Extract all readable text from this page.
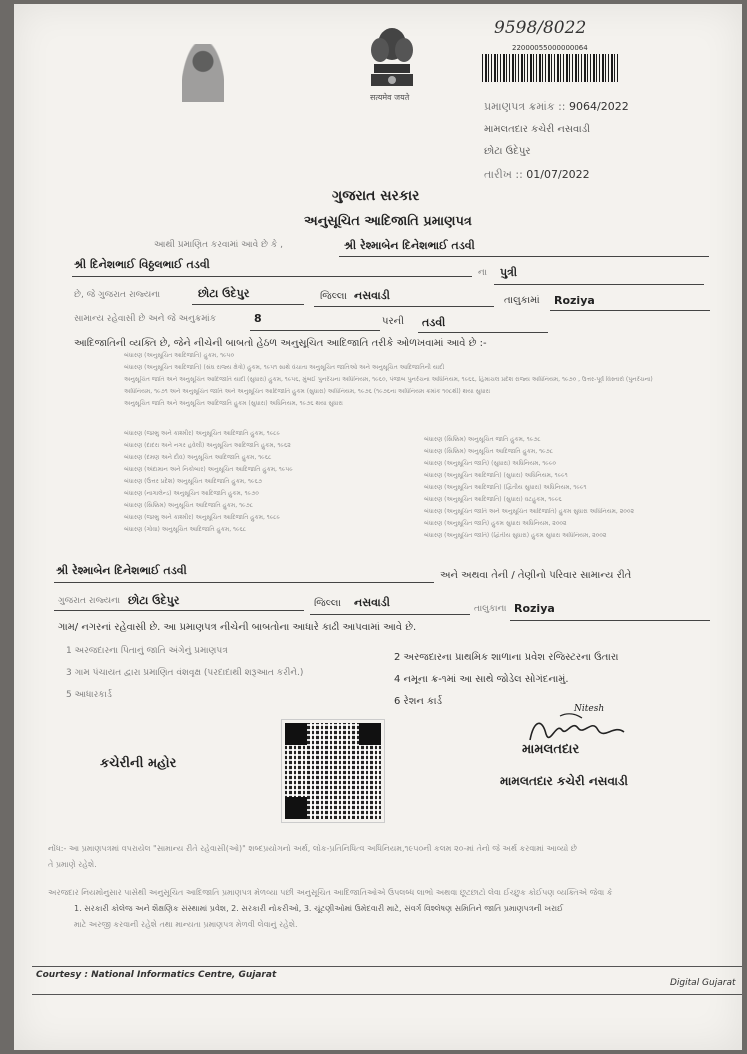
सत्यमेव जयते
9598/8022
22000055000000064
પ્રમાણપત્ર ક્રમાંક :: 9064/2022
મામલતદાર કચેરી નસવાડી
છોટા ઉદેપુર
તારીખ :: 01/07/2022
ગુજરાત સરકાર
અનુસૂચિત આદિજાતિ પ્રમાણપત્ર
આથી પ્રમાણિત કરવામાં આવે છે કે ,	શ્રી રેશ્માબેન દિનેશભાઈ તડવી
શ્રી દિનેશભાઈ વિઠ્ઠલભાઈ તડવી
ના પુત્રી
છે, જે ગુજરાત રાજ્યના	છોટા ઉદેપુર	જિલ્લા નસવાડી	તાલુકામાં Roziya
સામાન્ય રહેવાસી છે અને જે અનુક્રમાંક	8	પરની તડવી
આદિજાતિની વ્યક્તિ છે, જેને નીચેની બાબતો હેઠળ અનુસૂચિત આદિજાતિ તરીકે ઓળખવામાં આવે છે :-
બંધારણ (અનુસૂચિત આદિજાતિ) હુકમ, ૧૯૫૦
બંધારણ (અનુસૂચિત આદિજાતિ) (સંઘ રાજ્ય ક્ષેત્રો) હુકમ, ૧૯૫૧ સાથે વંચાતા અનુસૂચિત જાતિઓ અને અનુસૂચિત આદિજાતિની યાદી
અનુસૂચિત જાતિ અને અનુસૂચિત આદિજાતિ યાદી (સુધારા) હુકમ, ૧૯૫૬, મુંબઈ પુનર્રચના અધિનિયમ, ૧૯૬૦, પંજાબ પુનર્રચના અધિનિયમ, ૧૯૬૬, હિમાચલ પ્રદેશ રાજ્ય અધિનિયમ, ૧૯૭૦ , ઉત્તર-પૂર્વ વિસ્તારો (પુનર્રચના)
અધિનિયમ, ૧૯૭૧ અને અનુસૂચિત જાતિ અને અનુસૂચિત આદિજાતિ હુકમ (સુધારા) અધિનિયમ, ૧૯૭૬ (૧૯૭૬ના અધિનિયમ ક્રમાંક ૧૦૮થી) થયા સુધારા
અનુસૂચિત જાતિ અને અનુસૂચિત આદિજાતિ હુકમ (સુધારા) અધિનિયમ, ૧૯૭૬ થયા સુધારા
બંધારણ (જમ્મુ અને કાશ્મીર) અનુસૂચિત આદિજાતિ હુકમ, ૧૯૮૯
બંધારણ (દાદરા અને નગર હવેલી) અનુસૂચિત આદિજાતિ હુકમ, ૧૯૬૨
બંધારણ (દમણ અને દીવ) અનુસૂચિત આદિજાતિ હુકમ, ૧૯૬૮
બંધારણ (અંદામાન અને નિકોબાર) અનુસૂચિત આદિજાતિ હુકમ, ૧૯૫૯
બંધારણ (ઉત્તર પ્રદેશ) અનુસૂચિત આદિજાતિ હુકમ, ૧૯૬૭
બંધારણ (નાગાલેન્ડ) અનુસૂચિત આદિજાતિ હુકમ, ૧૯૭૦
બંધારણ (સિક્કિમ) અનુસૂચિત આદિજાતિ હુકમ, ૧૯૭૮
બંધારણ (જમ્મુ અને કાશ્મીર) અનુસૂચિત આદિજાતિ હુકમ, ૧૯૮૯
બંધારણ (ગોવા) અનુસૂચિત આદિજાતિ હુકમ, ૧૯૬૮
બંધારણ (સિક્કિમ) અનુસૂચિત જાતિ હુકમ, ૧૯૭૮
બંધારણ (સિક્કિમ) અનુસૂચિત આદિજાતિ હુકમ, ૧૯૭૮
બંધારણ (અનુસૂચિત જાતિ) (સુધારા) અધિનિયમ, ૧૯૯૦
બંધારણ (અનુસૂચિત આદિજાતિ) (સુધારા) અધિનિયમ, ૧૯૯૧
બંધારણ (અનુસૂચિત આદિજાતિ) (દ્વિતીય સુધારા) અધિનિયમ, ૧૯૯૧
બંધારણ (અનુસૂચિત આદિજાતિ) (સુધારા) વટહુકમ, ૧૯૯૬
બંધારણ (અનુસૂચિત જાતિ અને અનુસૂચિત આદિજાતિ) હુકમ સુધારા અધિનિયમ, ૨૦૦૨
બંધારણ (અનુસૂચિત જાતિ) હુકમ સુધારા અધિનિયમ, ૨૦૦૨
બંધારણ (અનુસૂચિત જાતિ) (દ્વિતીય સુધારા) હુકમ સુધારા અધિનિયમ, ૨૦૦૨
શ્રી રેશ્માબેન દિનેશભાઈ તડવી	અને અથવા તેની / તેણીનો પરિવાર સામાન્ય રીતે
ગુજરાત રાજ્યના છોટા ઉદેપુર	જિલ્લા નસવાડી	તાલુકાના Roziya
ગામ/ નગરનાં રહેવાસી છે. આ પ્રમાણપત્ર નીચેની બાબતોના આધારે કાઢી આપવામાં આવે છે.
1 અરજદારના પિતાનું જાતિ અંગેનું પ્રમાણપત્ર
2 અરજદારના પ્રાથમિક શાળાના પ્રવેશ રજિસ્ટરના ઉતારા
3 ગામ પંચાયત દ્વારા પ્રમાણિત વંશવૃક્ષ (પરદાદાથી શરૂઆત કરીને.)
4 નમૂના ક્ર-૧માં આ સાથે જોડેલ સોગંદનામું.
5 આધારકાર્ડ
6 રેશન કાર્ડ
કચેરીની મહોર
Nitesh
મામલતદાર
મામલતદાર કચેરી નસવાડી
નોંધ:- આ પ્રમાણપત્રમાં વપરાયેલ "સામાન્ય રીતે રહેવાસી(ઓ)" શબ્દપ્રયોગનો અર્થ, લોક-પ્રતિનિધિત્વ અધિનિયમ,૧૯૫૦ની કલમ ૨૦-માં તેનો જે અર્થ કરવામાં આવ્યો છે
તે પ્રમાણે રહેશે.
અરજદાર નિયમોનુસાર પાસેથી અનુસૂચિત આદિજાતિ પ્રમાણપત્ર મેળવ્યા પછી અનુસૂચિત આદિજાતિઓએ ઉપલબ્ધ લાભો અથવા છૂટછાટો લેવા ઈચ્છુક કોઈપણ વ્યક્તિએ જેવા કે
1. સરકારી કોલેજ અને શૈક્ષણિક સંસ્થામાં પ્રવેશ, 2. સરકારી નોકરીઓ, 3. ચૂંટણીઓમાં ઉમેદવારી માટે, સંવર્ગ વિશ્લેષણ સમિતિને જાતિ પ્રમાણપત્રની ખરાઈ
માટે અરજી કરવાની રહેશે તથા માન્યતા પ્રમાણપત્ર મેળવી લેવાનું રહેશે.
Courtesy : National Informatics Centre, Gujarat
Digital Gujarat
